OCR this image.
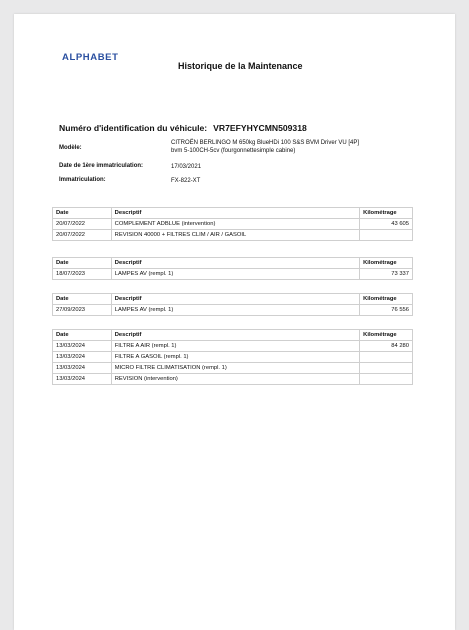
ALPHABET
Historique de la Maintenance
Numéro d'identification du véhicule: VR7EFYHYCMN509318
Modèle:
CITROËN BERLINGO M 650kg BlueHDi 100 S&S BVM Driver VU [4P]
bvm 5-100CH-5cv (fourgonnettesimple cabine)
Date de 1ère immatriculation:	17/03/2021
Immatriculation:	FX-822-XT
Date	Descriptif	Kilométrage
20/07/2022	COMPLEMENT ADBLUE (intervention)	43 605
20/07/2022	REVISION 40000 + FILTRES CLIM / AIR / GASOIL	
Date	Descriptif	Kilométrage
18/07/2023	LAMPES AV (rempl. 1)	73 337
Date	Descriptif	Kilométrage
27/09/2023	LAMPES AV (rempl. 1)	76 556
Date	Descriptif	Kilométrage
13/03/2024	FILTRE A AIR (rempl. 1)	84 280
13/03/2024	FILTRE A GASOIL (rempl. 1)	
13/03/2024	MICRO FILTRE CLIMATISATION (rempl. 1)	
13/03/2024	REVISION (intervention)	
